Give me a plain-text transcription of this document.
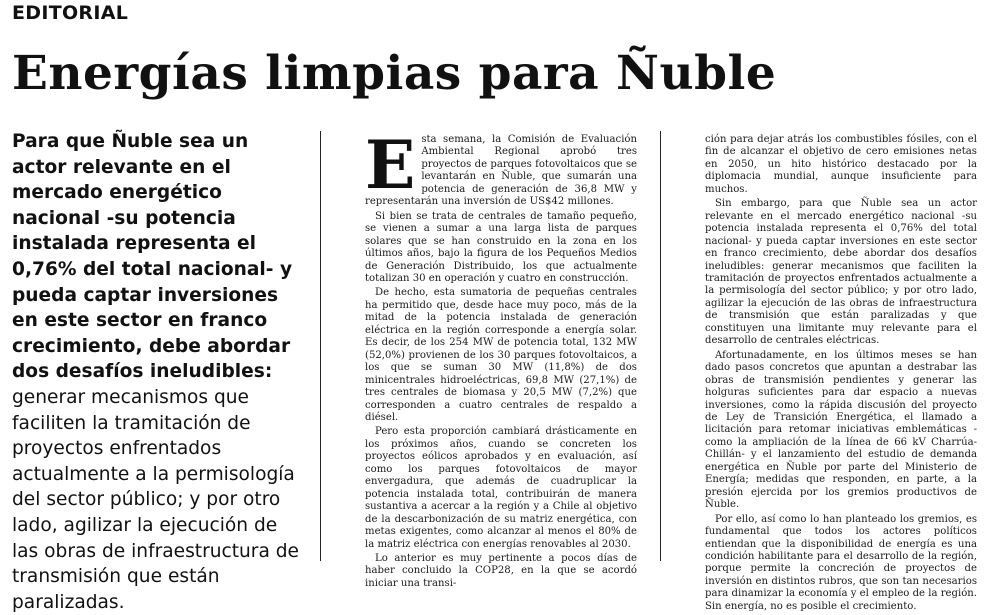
EDITORIAL
Energías limpias para Ñuble
Para que Ñuble sea un actor relevante en el mercado energético nacional -su potencia instalada representa el 0,76% del total nacional- y pueda captar inversiones en este sector en franco crecimiento, debe abordar dos desafíos ineludibles: generar mecanismos que faciliten la tramitación de proyectos enfrentados actualmente a la permisología del sector público; y por otro lado, agilizar la ejecución de las obras de infraestructura de transmisión que están paralizadas.

Esta semana, la Comisión de Evaluación Ambiental Regional aprobó tres proyectos de parques fotovoltaicos que se levantarán en Ñuble, que sumarán una potencia de generación de 36,8 MW y representarán una inversión de US$42 millones.

Si bien se trata de centrales de tamaño pequeño, se vienen a sumar a una larga lista de parques solares que se han construido en la zona en los últimos años, bajo la figura de los Pequeños Medios de Generación Distribuido, los que actualmente totalizan 30 en operación y cuatro en construcción.

De hecho, esta sumatoria de pequeñas centrales ha permitido que, desde hace muy poco, más de la mitad de la potencia instalada de generación eléctrica en la región corresponde a energía solar. Es decir, de los 254 MW de potencia total, 132 MW (52,0%) provienen de los 30 parques fotovoltaicos, a los que se suman 30 MW (11,8%) de dos minicentrales hidroeléctricas, 69,8 MW (27,1%) de tres centrales de biomasa y 20,5 MW (7,2%) que corresponden a cuatro centrales de respaldo a diésel.

Pero esta proporción cambiará drásticamente en los próximos años, cuando se concreten los proyectos eólicos aprobados y en evaluación, así como los parques fotovoltaicos de mayor envergadura, que además de cuadruplicar la potencia instalada total, contribuirán de manera sustantiva a acercar a la región y a Chile al objetivo de la descarbonización de su matriz energética, con metas exigentes, como alcanzar al menos el 80% de la matriz eléctrica con energías renovables al 2030.

Lo anterior es muy pertinente a pocos días de haber concluido la COP28, en la que se acordó iniciar una transi-

ción para dejar atrás los combustibles fósiles, con el fin de alcanzar el objetivo de cero emisiones netas en 2050, un hito histórico destacado por la diplomacia mundial, aunque insuficiente para muchos.

Sin embargo, para que Ñuble sea un actor relevante en el mercado energético nacional -su potencia instalada representa el 0,76% del total nacional- y pueda captar inversiones en este sector en franco crecimiento, debe abordar dos desafíos ineludibles: generar mecanismos que faciliten la tramitación de proyectos enfrentados actualmente a la permisología del sector público; y por otro lado, agilizar la ejecución de las obras de infraestructura de transmisión que están paralizadas y que constituyen una limitante muy relevante para el desarrollo de centrales eléctricas.

Afortunadamente, en los últimos meses se han dado pasos concretos que apuntan a destrabar las obras de transmisión pendientes y generar las holguras suficientes para dar espacio a nuevas inversiones, como la rápida discusión del proyecto de Ley de Transición Energética, el llamado a licitación para retomar iniciativas emblemáticas -como la ampliación de la línea de 66 kV Charrúa-Chillán- y el lanzamiento del estudio de demanda energética en Ñuble por parte del Ministerio de Energía; medidas que responden, en parte, a la presión ejercida por los gremios productivos de Ñuble.

Por ello, así como lo han planteado los gremios, es fundamental que todos los actores políticos entiendan que la disponibilidad de energía es una condición habilitante para el desarrollo de la región, porque permite la concreción de proyectos de inversión en distintos rubros, que son tan necesarios para dinamizar la economía y el empleo de la región. Sin energía, no es posible el crecimiento.
